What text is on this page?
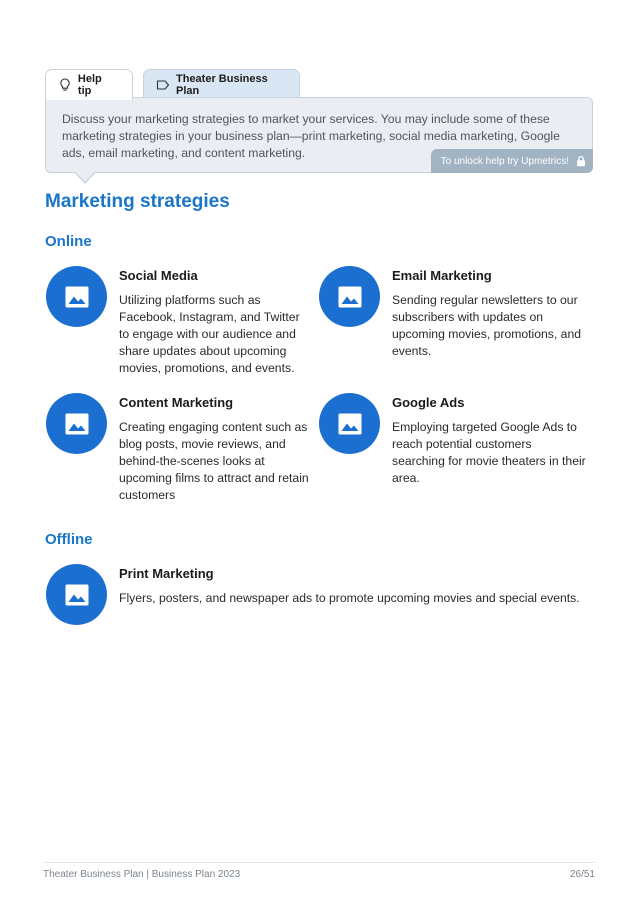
Help tip
Theater Business Plan

Discuss your marketing strategies to market your services. You may include some of these marketing strategies in your business plan—print marketing, social media marketing, Google ads, email marketing, and content marketing.

To unlock help try Upmetrics!
Marketing strategies
Online
Social Media

Utilizing platforms such as Facebook, Instagram, and Twitter to engage with our audience and share updates about upcoming movies, promotions, and events.

Email Marketing

Sending regular newsletters to our subscribers with updates on upcoming movies, promotions, and events.

Content Marketing

Creating engaging content such as blog posts, movie reviews, and behind-the-scenes looks at upcoming films to attract and retain customers

Google Ads

Employing targeted Google Ads to reach potential customers searching for movie theaters in their area.

Offline
Print Marketing

Flyers, posters, and newspaper ads to promote upcoming movies and special events.

Theater Business Plan | Business Plan 2023	26/51
